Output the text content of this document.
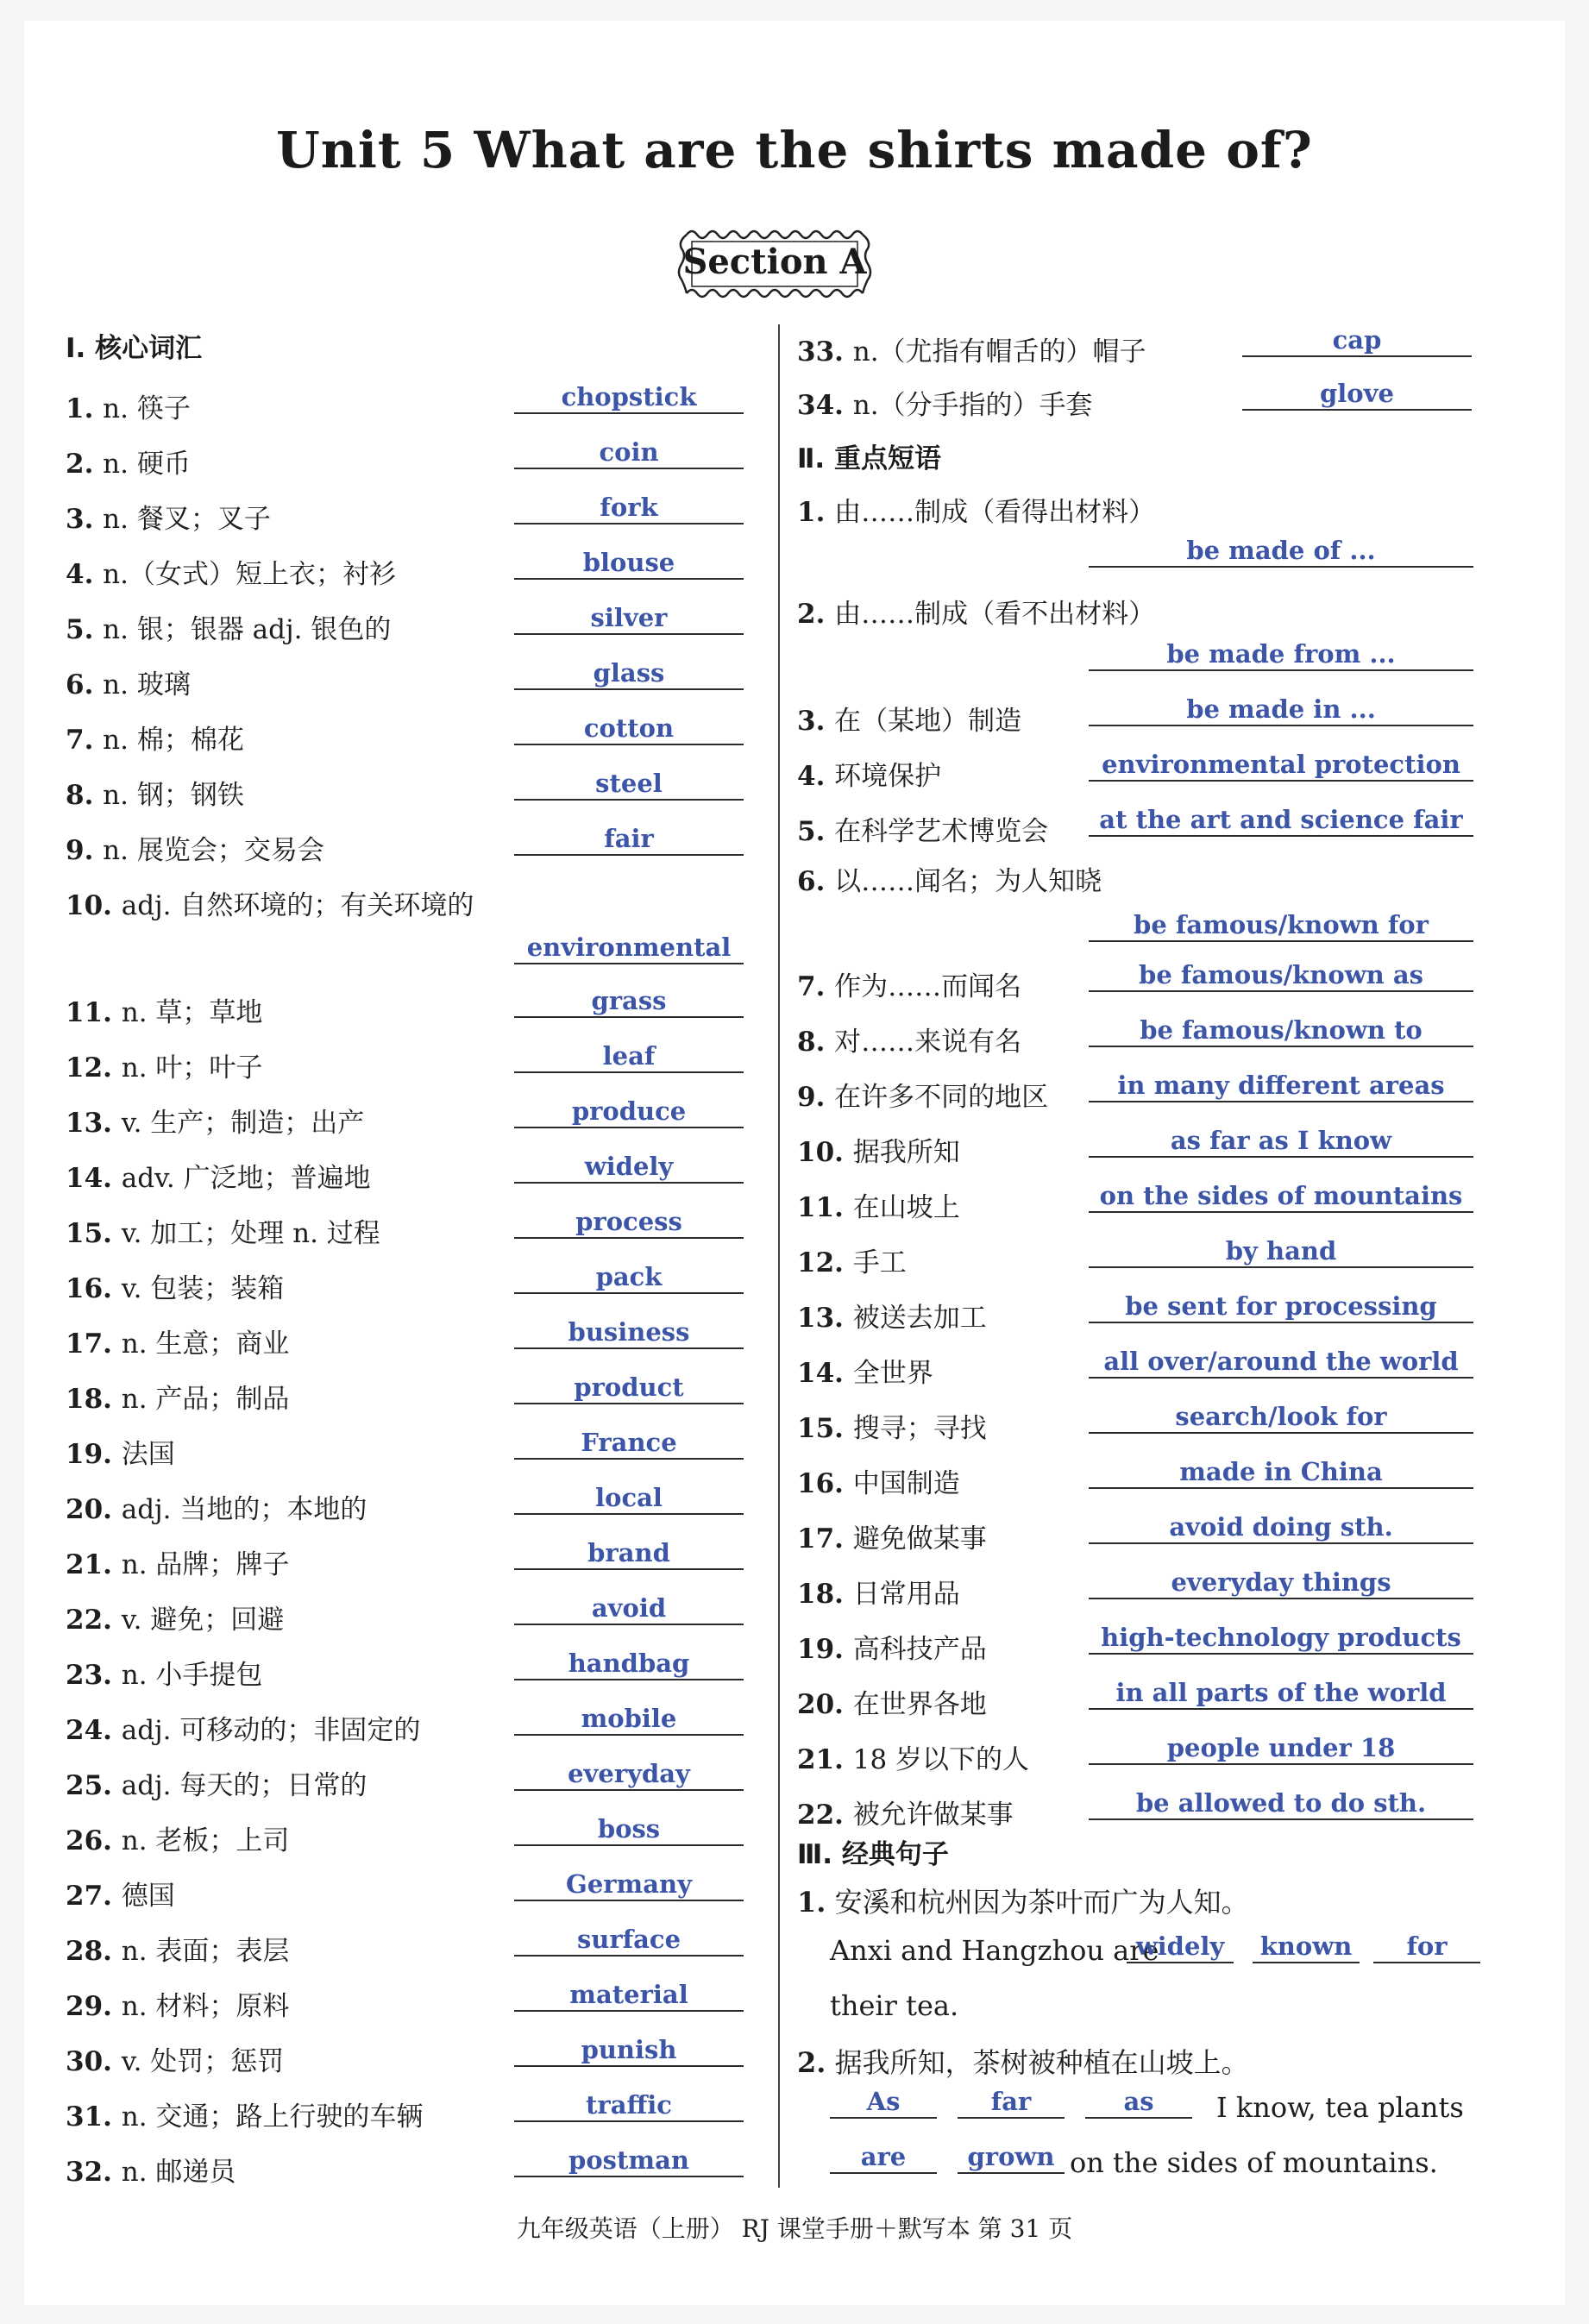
Unit 5 What are the shirts made of?
Section A
Ⅰ. 核心词汇
1. n. 筷子	chopstick
2. n. 硬币	coin
3. n. 餐叉；叉子	fork
4. n.（女式）短上衣；衬衫	blouse
5. n. 银；银器 adj. 银色的	silver
6. n. 玻璃	glass
7. n. 棉；棉花	cotton
8. n. 钢；钢铁	steel
9. n. 展览会；交易会	fair
10. adj. 自然环境的；有关环境的
environmental
11. n. 草；草地	grass
12. n. 叶；叶子	leaf
13. v. 生产；制造；出产	produce
14. adv. 广泛地；普遍地	widely
15. v. 加工；处理 n. 过程	process
16. v. 包装；装箱	pack
17. n. 生意；商业	business
18. n. 产品；制品	product
19. 法国	France
20. adj. 当地的；本地的	local
21. n. 品牌；牌子	brand
22. v. 避免；回避	avoid
23. n. 小手提包	handbag
24. adj. 可移动的；非固定的	mobile
25. adj. 每天的；日常的	everyday
26. n. 老板；上司	boss
27. 德国	Germany
28. n. 表面；表层	surface
29. n. 材料；原料	material
30. v. 处罚；惩罚	punish
31. n. 交通；路上行驶的车辆	traffic
32. n. 邮递员	postman
Ⅱ. 重点短语
33. n.（尤指有帽舌的）帽子	cap
34. n.（分手指的）手套	glove
1. 由……制成（看得出材料）
be made of ...
2. 由……制成（看不出材料）
be made from ...
3. 在（某地）制造	be made in ...
4. 环境保护	environmental protection
5. 在科学艺术博览会	at the art and science fair
6. 以……闻名；为人知晓
be famous/known for
7. 作为……而闻名	be famous/known as
8. 对……来说有名	be famous/known to
9. 在许多不同的地区	in many different areas
10. 据我所知	as far as I know
11. 在山坡上	on the sides of mountains
12. 手工	by hand
13. 被送去加工	be sent for processing
14. 全世界	all over/around the world
15. 搜寻；寻找	search/look for
16. 中国制造	made in China
17. 避免做某事	avoid doing sth.
18. 日常用品	everyday things
19. 高科技产品	high-technology products
20. 在世界各地	in all parts of the world
21. 18 岁以下的人	people under 18
22. 被允许做某事	be allowed to do sth.
Ⅲ. 经典句子
1. 安溪和杭州因为茶叶而广为人知。
Anxi and Hangzhou are
widely	known	for
their tea.
2. 据我所知，茶树被种植在山坡上。
As	far	as	I know, tea plants
are	grown on the sides of mountains.
九年级英语（上册） RJ 课堂手册＋默写本 第 31 页
